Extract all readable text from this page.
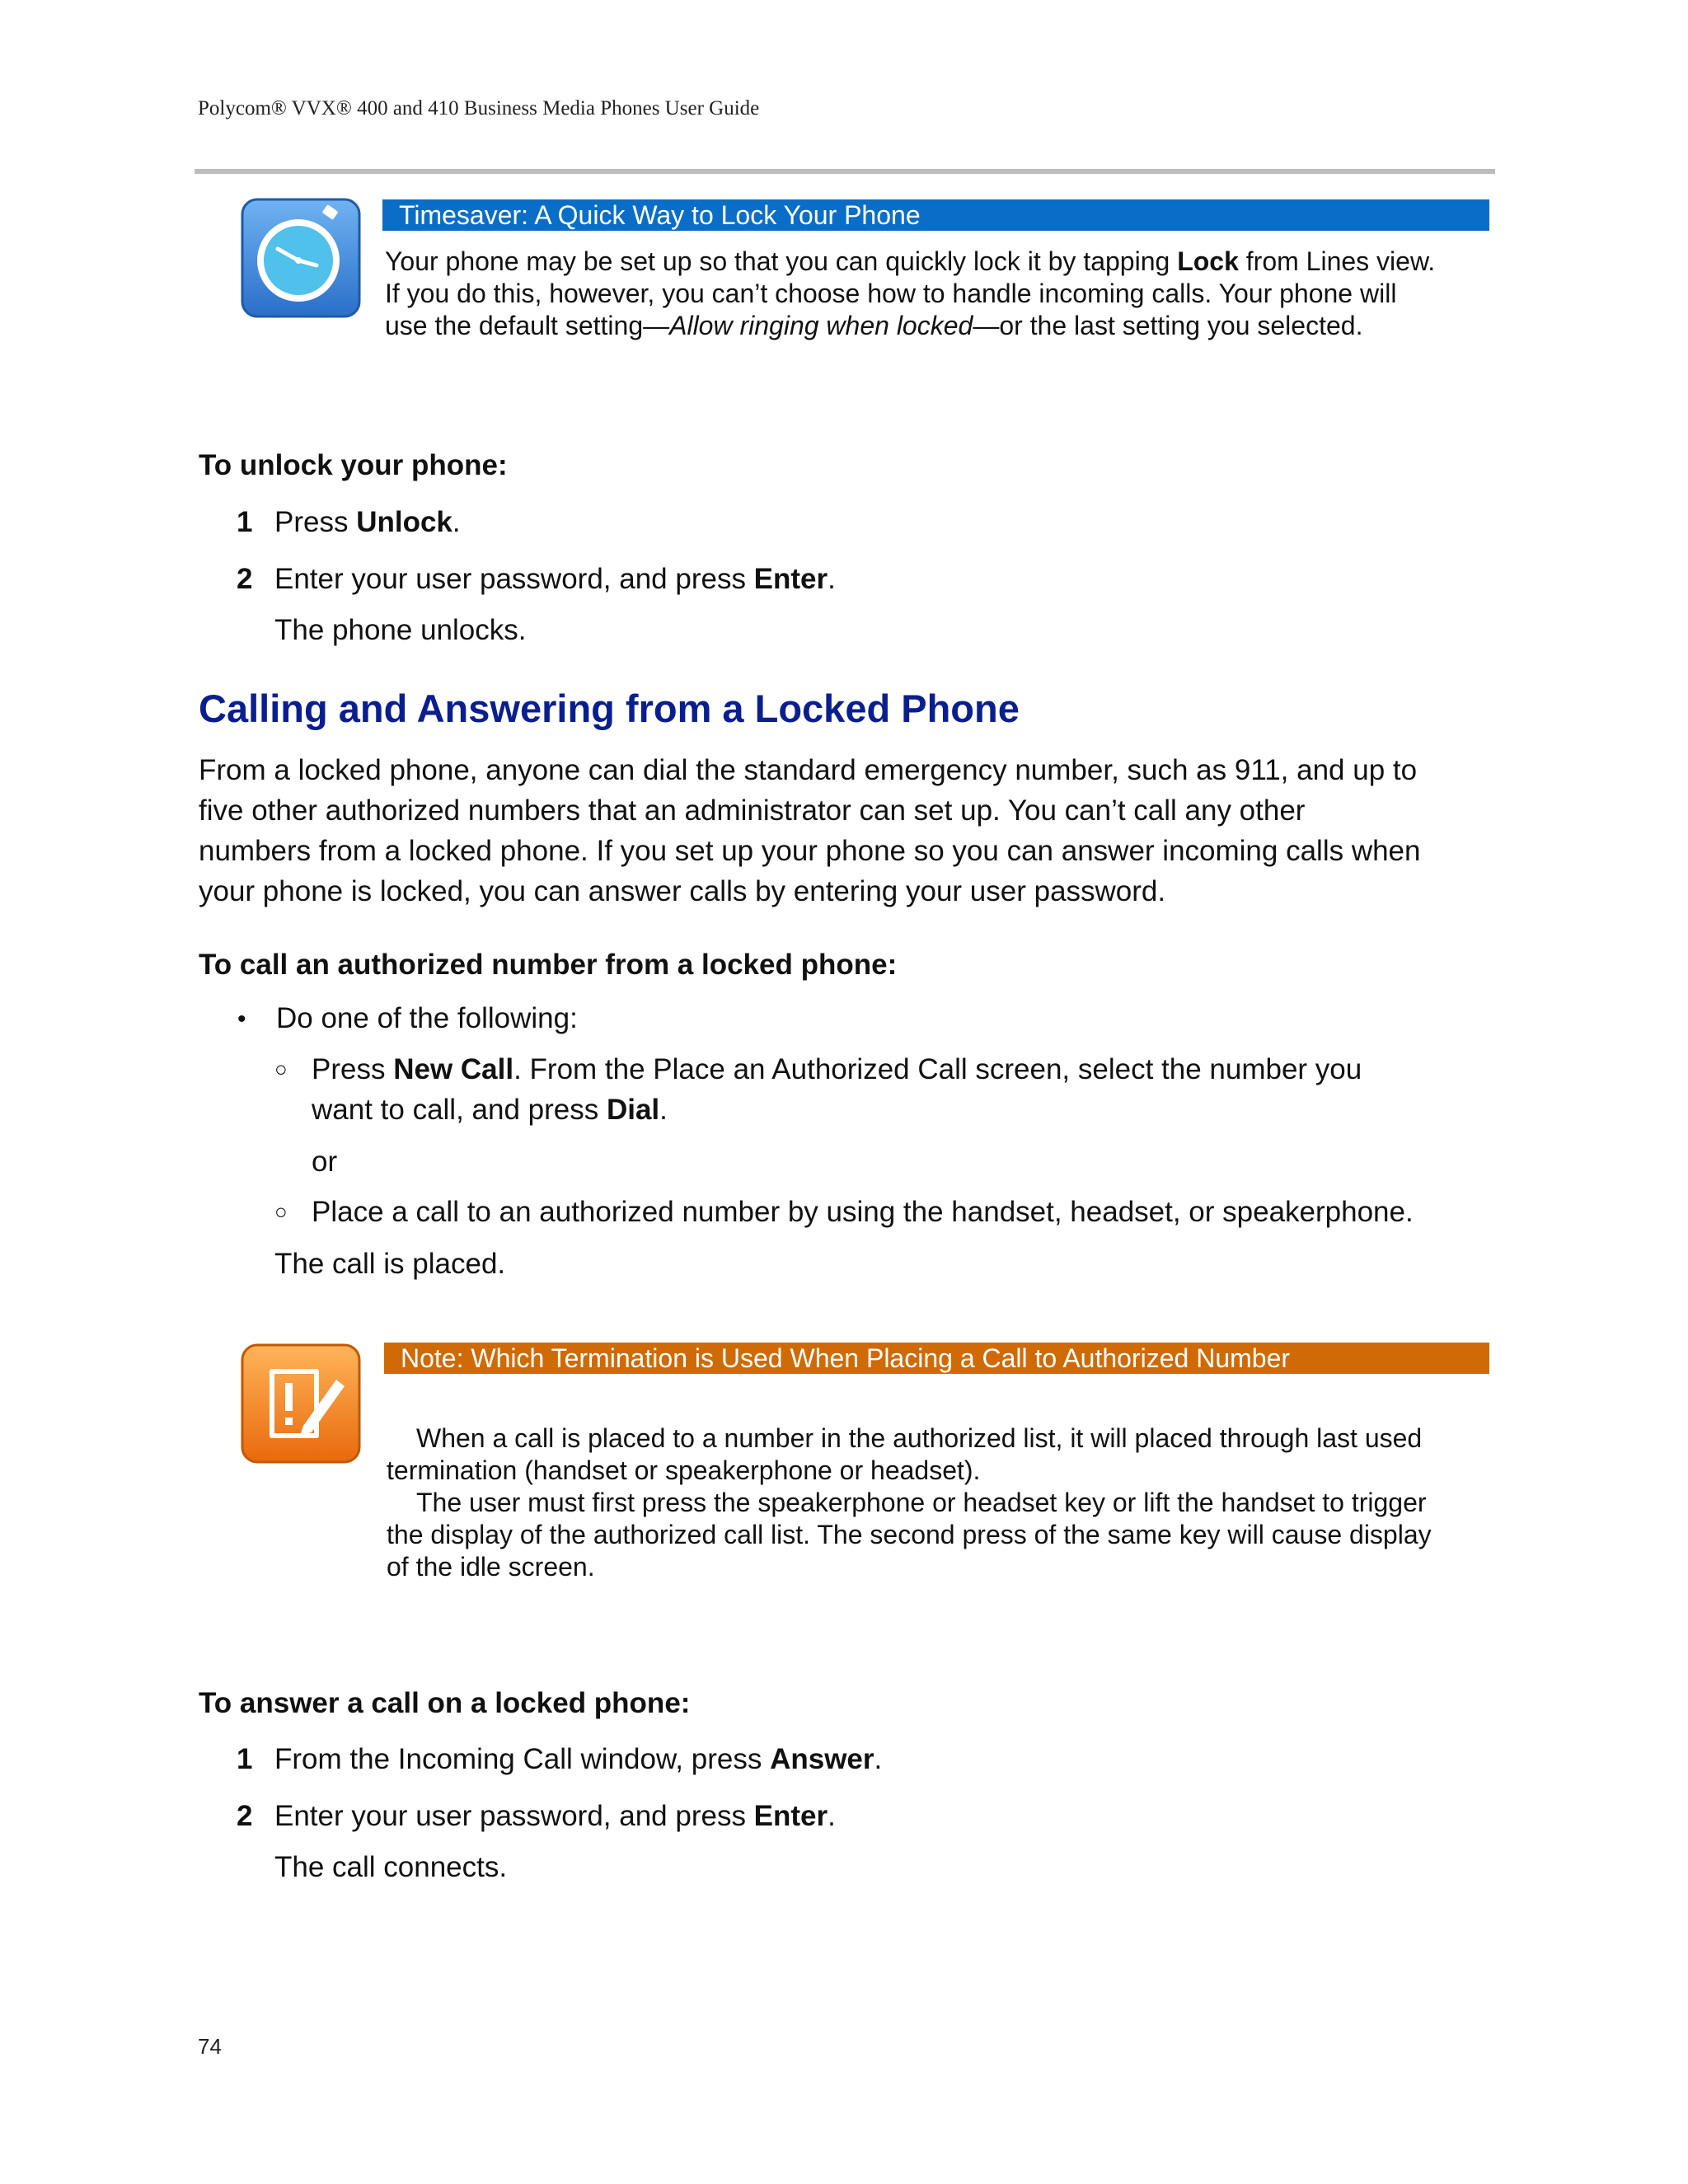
Polycom® VVX® 400 and 410 Business Media Phones User Guide
Timesaver: A Quick Way to Lock Your Phone
Your phone may be set up so that you can quickly lock it by tapping Lock from Lines view.
If you do this, however, you can’t choose how to handle incoming calls. Your phone will
use the default setting—Allow ringing when locked—or the last setting you selected.
To unlock your phone:
1 Press Unlock.
2 Enter your user password, and press Enter.
The phone unlocks.
Calling and Answering from a Locked Phone
From a locked phone, anyone can dial the standard emergency number, such as 911, and up to
five other authorized numbers that an administrator can set up. You can’t call any other
numbers from a locked phone. If you set up your phone so you can answer incoming calls when
your phone is locked, you can answer calls by entering your user password.
To call an authorized number from a locked phone:
• Do one of the following:
○ Press New Call. From the Place an Authorized Call screen, select the number you
want to call, and press Dial.
or
○ Place a call to an authorized number by using the handset, headset, or speakerphone.
The call is placed.
Note: Which Termination is Used When Placing a Call to Authorized Number
When a call is placed to a number in the authorized list, it will placed through last used
termination (handset or speakerphone or headset).
The user must first press the speakerphone or headset key or lift the handset to trigger
the display of the authorized call list. The second press of the same key will cause display
of the idle screen.
To answer a call on a locked phone:
1 From the Incoming Call window, press Answer.
2 Enter your user password, and press Enter.
The call connects.
74
